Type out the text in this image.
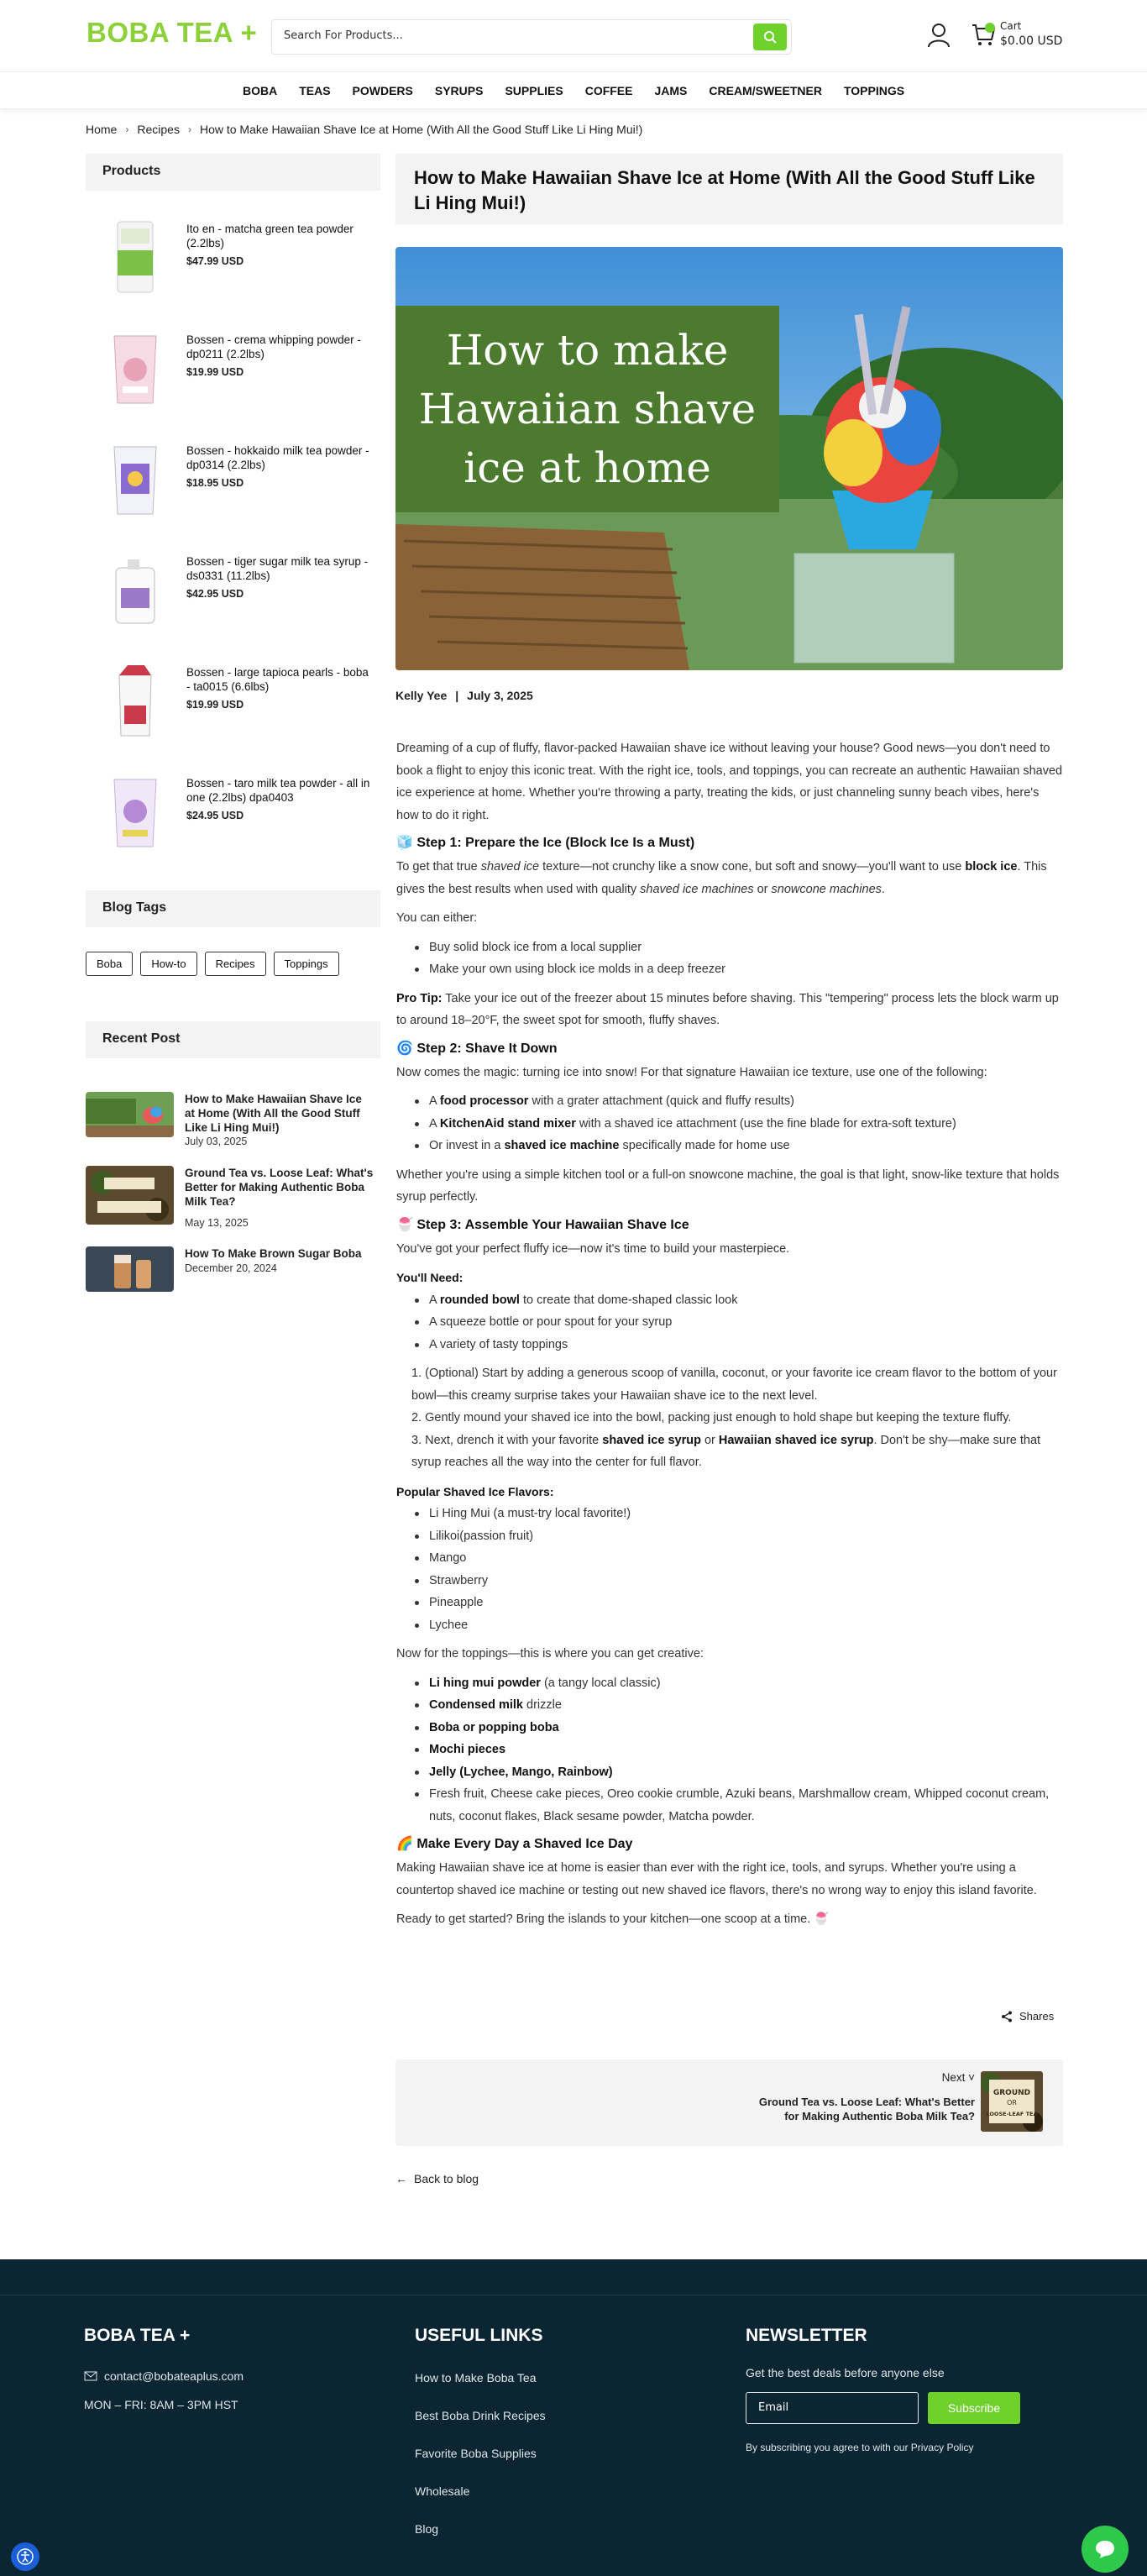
BOBA TEA +
Search For Products...	Cart
$0.00 USD
BOBA TEAS POWDERS SYRUPS SUPPLIES COFFEE JAMS CREAM/SWEETNER TOPPINGS
Home › Recipes › How to Make Hawaiian Shave Ice at Home (With All the Good Stuff Like Li Hing Mui!)
Products
Ito en - matcha green tea powder (2.2lbs)
$47.99 USD
Bossen - crema whipping powder - dp0211 (2.2lbs)
$19.99 USD
Bossen - hokkaido milk tea powder -dp0314 (2.2lbs)
$18.95 USD
Bossen - tiger sugar milk tea syrup - ds0331 (11.2lbs)
$42.95 USD
Bossen - large tapioca pearls - boba - ta0015 (6.6lbs)
$19.99 USD
Bossen - taro milk tea powder - all in one (2.2lbs) dpa0403
$24.95 USD
Blog Tags
Boba	How-to	Recipes	Toppings
Recent Post
How to Make Hawaiian Shave Ice at Home (With All the Good Stuff Like Li Hing Mui!)
July 03, 2025
Ground Tea vs. Loose Leaf: What's Better for Making Authentic Boba Milk Tea?
May 13, 2025
How To Make Brown Sugar Boba
December 20, 2024
How to Make Hawaiian Shave Ice at Home (With All the Good Stuff Like Li Hing Mui!)
How to make Hawaiian shave ice at home
Kelly Yee | July 3, 2025

Dreaming of a cup of fluffy, flavor-packed Hawaiian shave ice without leaving your house? Good news—you don't need to book a flight to enjoy this iconic treat. With the right ice, tools, and toppings, you can recreate an authentic Hawaiian shaved ice experience at home. Whether you're throwing a party, treating the kids, or just channeling sunny beach vibes, here's how to do it right.

🧊 Step 1: Prepare the Ice (Block Ice Is a Must)

To get that true shaved ice texture—not crunchy like a snow cone, but soft and snowy—you'll want to use block ice. This gives the best results when used with quality shaved ice machines or snowcone machines.

You can either:

Buy solid block ice from a local supplier
Make your own using block ice molds in a deep freezer

Pro Tip: Take your ice out of the freezer about 15 minutes before shaving. This "tempering" process lets the block warm up to around 18–20°F, the sweet spot for smooth, fluffy shaves.

🌀 Step 2: Shave It Down

Now comes the magic: turning ice into snow! For that signature Hawaiian ice texture, use one of the following:

A food processor with a grater attachment (quick and fluffy results)
A KitchenAid stand mixer with a shaved ice attachment (use the fine blade for extra-soft texture)
Or invest in a shaved ice machine specifically made for home use

Whether you're using a simple kitchen tool or a full-on snowcone machine, the goal is that light, snow-like texture that holds syrup perfectly.

🍧 Step 3: Assemble Your Hawaiian Shave Ice

You've got your perfect fluffy ice—now it's time to build your masterpiece.

You'll Need:
A rounded bowl to create that dome-shaped classic look
A squeeze bottle or pour spout for your syrup
A variety of tasty toppings
1. (Optional) Start by adding a generous scoop of vanilla, coconut, or your favorite ice cream flavor to the bottom of your bowl—this creamy surprise takes your Hawaiian shave ice to the next level.
2. Gently mound your shaved ice into the bowl, packing just enough to hold shape but keeping the texture fluffy.
3. Next, drench it with your favorite shaved ice syrup or Hawaiian shaved ice syrup. Don't be shy—make sure that syrup reaches all the way into the center for full flavor.
Popular Shaved Ice Flavors:
Li Hing Mui (a must-try local favorite!)
Lilikoi(passion fruit)
Mango
Strawberry
Pineapple
Lychee

Now for the toppings—this is where you can get creative:

Li hing mui powder (a tangy local classic)
Condensed milk drizzle
Boba or popping boba
Mochi pieces
Jelly (Lychee, Mango, Rainbow)
Fresh fruit, Cheese cake pieces, Oreo cookie crumble, Azuki beans, Marshmallow cream, Whipped coconut cream, nuts, coconut flakes, Black sesame powder, Matcha powder.
🌈 Make Every Day a Shaved Ice Day

Making Hawaiian shave ice at home is easier than ever with the right ice, tools, and syrups. Whether you're using a countertop shaved ice machine or testing out new shaved ice flavors, there's no wrong way to enjoy this island favorite.

Ready to get started? Bring the islands to your kitchen—one scoop at a time. 🍧

Shares
Next ˅
Ground Tea vs. Loose Leaf: What's Better for Making Authentic Boba Milk Tea?
GROUND
OR
LOOSE-LEAF TEA
← Back to blog
BOBA TEA +
contact@bobateaplus.com
MON – FRI: 8AM – 3PM HST
USEFUL LINKS
How to Make Boba Tea
Best Boba Drink Recipes
Favorite Boba Supplies
Wholesale
Blog
NEWSLETTER
Get the best deals before anyone else
Email	Subscribe
By subscribing you agree to with our Privacy Policy
